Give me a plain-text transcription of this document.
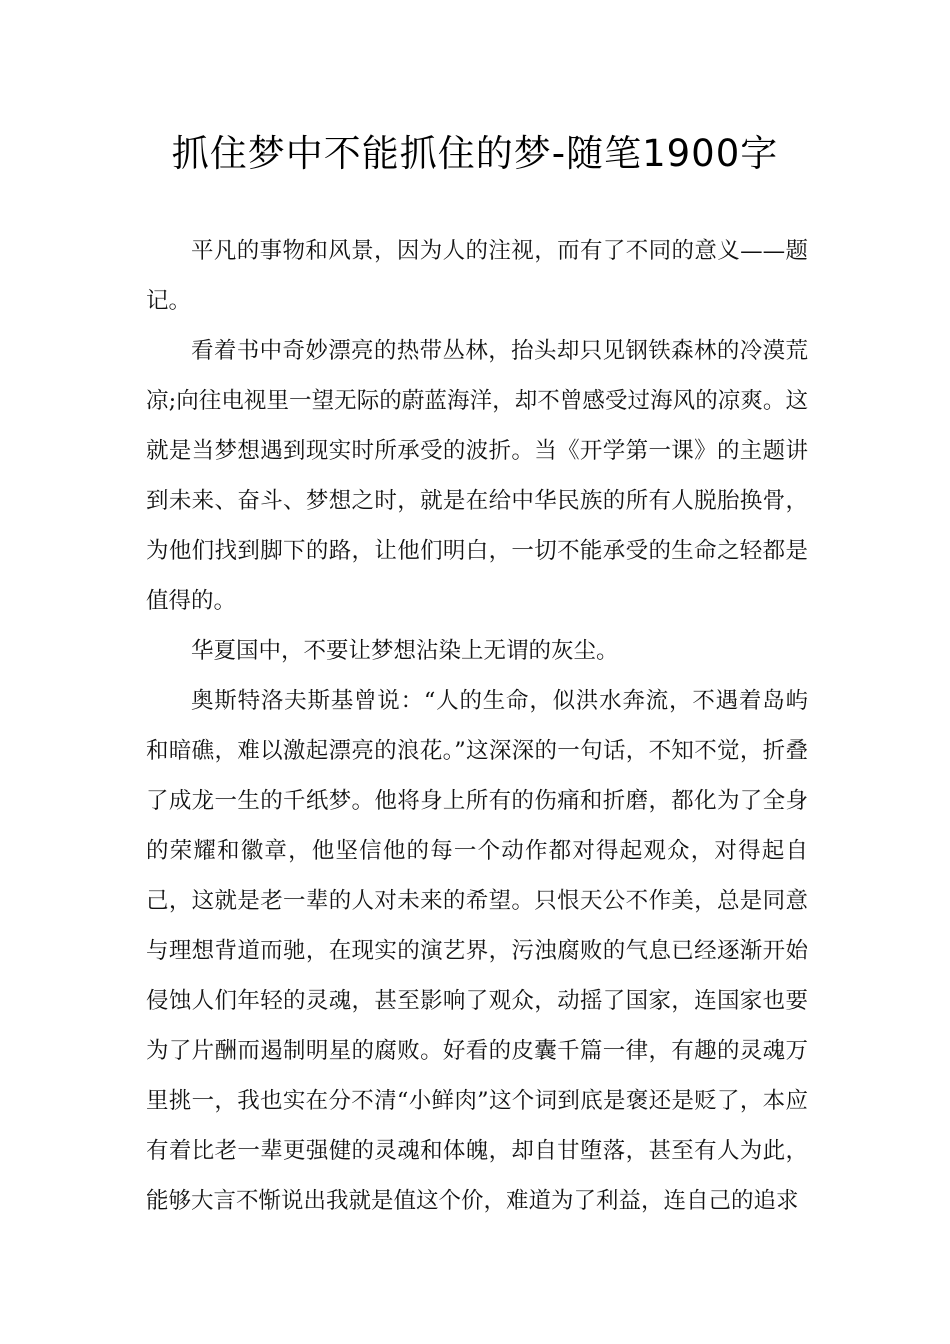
抓住梦中不能抓住的梦-随笔1900字

平凡的事物和风景，因为人的注视，而有了不同的意义——题记。

看着书中奇妙漂亮的热带丛林，抬头却只见钢铁森林的冷漠荒凉;向往电视里一望无际的蔚蓝海洋，却不曾感受过海风的凉爽。这就是当梦想遇到现实时所承受的波折。当《开学第一课》的主题讲到未来、奋斗、梦想之时，就是在给中华民族的所有人脱胎换骨，为他们找到脚下的路，让他们明白，一切不能承受的生命之轻都是值得的。

华夏国中，不要让梦想沾染上无谓的灰尘。

奥斯特洛夫斯基曾说：“人的生命，似洪水奔流，不遇着岛屿和暗礁，难以激起漂亮的浪花。”这深深的一句话，不知不觉，折叠了成龙一生的千纸梦。他将身上所有的伤痛和折磨，都化为了全身的荣耀和徽章，他坚信他的每一个动作都对得起观众，对得起自己，这就是老一辈的人对未来的希望。只恨天公不作美，总是同意与理想背道而驰，在现实的演艺界，污浊腐败的气息已经逐渐开始侵蚀人们年轻的灵魂，甚至影响了观众，动摇了国家，连国家也要为了片酬而遏制明星的腐败。好看的皮囊千篇一律，有趣的灵魂万里挑一，我也实在分不清“小鲜肉”这个词到底是褒还是贬了，本应有着比老一辈更强健的灵魂和体魄，却自甘堕落，甚至有人为此，能够大言不惭说出我就是值这个价，难道为了利益，连自己的追求
